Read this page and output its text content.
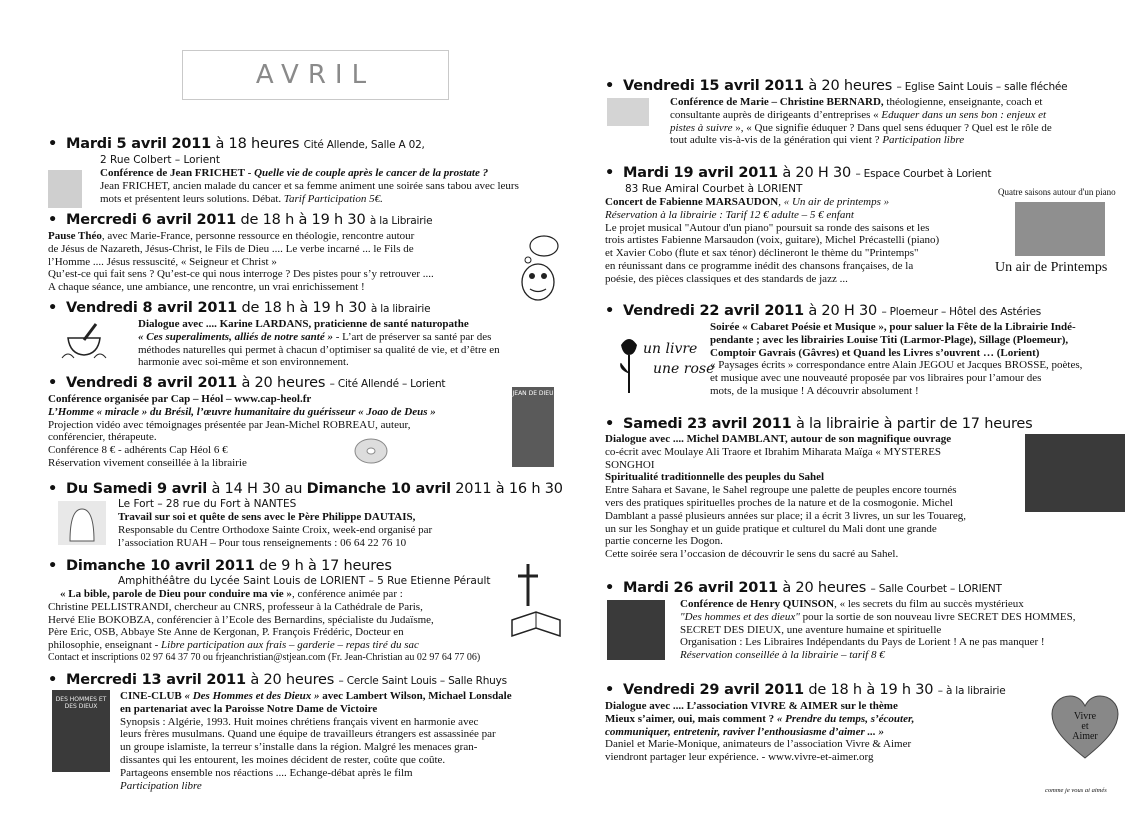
AVRIL
• Mardi 5 avril 2011 à 18 heures Cité Allende, Salle A 02,
2 Rue Colbert – Lorient

Conférence de Jean FRICHET - Quelle vie de couple après le cancer de la prostate ?

Jean FRICHET, ancien malade du cancer et sa femme animent une soirée sans tabou avec leurs

mots et présentent leurs solutions. Débat. Tarif Participation 5€.

• Mercredi 6 avril 2011 de 18 h à 19 h 30 à la Librairie

Pause Théo, avec Marie-France, personne ressource en théologie, rencontre autour

de Jésus de Nazareth, Jésus-Christ, le Fils de Dieu .... Le verbe incarné ... le Fils de

l’Homme .... Jésus ressuscité, « Seigneur et Christ »

Qu’est-ce qui fait sens ? Qu’est-ce qui nous interroge ? Des pistes pour s’y retrouver ....

A chaque séance, une ambiance, une rencontre, un vrai enrichissement !

• Vendredi 8 avril 2011 de 18 h à 19 h 30 à la librairie

Dialogue avec .... Karine LARDANS, praticienne de santé naturopathe

« Ces superaliments, alliés de notre santé » - L’art de préserver sa santé par des

méthodes naturelles qui permet à chacun d’optimiser sa qualité de vie, et d’être en

harmonie avec soi-même et son environnement.

• Vendredi 8 avril 2011 à 20 heures – Cité Allendé – Lorient

Conférence organisée par Cap – Héol – www.cap-heol.fr

L’Homme « miracle » du Brésil, l’œuvre humanitaire du guérisseur « Joao de Deus »

Projection vidéo avec témoignages présentée par Jean-Michel ROBREAU, auteur,

conférencier, thérapeute.

Conférence 8 € - adhérents Cap Héol 6 €

Réservation vivement conseillée à la librairie

JEAN DE DIEU
• Du Samedi 9 avril à 14 H 30 au Dimanche 10 avril 2011 à 16 h 30
Le Fort – 28 rue du Fort à NANTES

Travail sur soi et quête de sens avec le Père Philippe DAUTAIS,

Responsable du Centre Orthodoxe Sainte Croix, week-end organisé par

l’association RUAH – Pour tous renseignements : 06 64 22 76 10

• Dimanche 10 avril 2011 de 9 h à 17 heures
Amphithéâtre du Lycée Saint Louis de LORIENT – 5 Rue Etienne Pérault

« La bible, parole de Dieu pour conduire ma vie », conférence animée par :

Christine PELLISTRANDI, chercheur au CNRS, professeur à la Cathédrale de Paris,

Hervé Elie BOKOBZA, conférencier à l’Ecole des Bernardins, spécialiste du Judaïsme,

Père Eric, OSB, Abbaye Ste Anne de Kergonan, P. François Frédéric, Docteur en

philosophie, enseignant - Libre participation aux frais – garderie – repas tiré du sac

Contact et inscriptions 02 97 64 37 70 ou frjeanchristian@stjean.com (Fr. Jean-Christian au 02 97 64 77 06)

• Mercredi 13 avril 2011 à 20 heures – Cercle Saint Louis – Salle Rhuys
DES HOMMES ET DES DIEUX

CINE-CLUB « Des Hommes et des Dieux » avec Lambert Wilson, Michael Lonsdale

en partenariat avec la Paroisse Notre Dame de Victoire

Synopsis : Algérie, 1993. Huit moines chrétiens français vivent en harmonie avec

leurs frères musulmans. Quand une équipe de travailleurs étrangers est assassinée par

un groupe islamiste, la terreur s’installe dans la région. Malgré les menaces gran-

dissantes qui les entourent, les moines décident de rester, coûte que coûte.

Partageons ensemble nos réactions .... Echange-débat après le film

Participation libre

• Vendredi 15 avril 2011 à 20 heures – Eglise Saint Louis – salle fléchée

Conférence de Marie – Christine BERNARD, théologienne, enseignante, coach et

consultante auprès de dirigeants d’entreprises « Eduquer dans un sens bon : enjeux et

pistes à suivre », « Que signifie éduquer ? Dans quel sens éduquer ? Quel est le rôle de

tout adulte vis-à-vis de la génération qui vient ? Participation libre

• Mardi 19 avril 2011 à 20 H 30 – Espace Courbet à Lorient
83 Rue Amiral Courbet à LORIENT

Concert de Fabienne MARSAUDON, « Un air de printemps »

Réservation à la librairie : Tarif 12 € adulte – 5 € enfant

Le projet musical "Autour d'un piano" poursuit sa ronde des saisons et les

trois artistes Fabienne Marsaudon (voix, guitare), Michel Précastelli (piano)

et Xavier Cobo (flute et sax ténor) déclineront le thème du "Printemps"

en réunissant dans ce programme inédit des chansons françaises, de la

poésie, des pièces classiques et des standards de jazz ...

Quatre saisons autour d'un piano
Un air de Printemps
• Vendredi 22 avril 2011 à 20 H 30 – Ploemeur – Hôtel des Astéries
un livre
une rose

Soirée « Cabaret Poésie et Musique », pour saluer la Fête de la Librairie Indé-

pendante ; avec les librairies Louise Titi (Larmor-Plage), Sillage (Ploemeur),

Comptoir Gavrais (Gâvres) et Quand les Livres s’ouvrent … (Lorient)

« Paysages écrits » correspondance entre Alain JEGOU et Jacques BROSSE, poètes,

et musique avec une nouveauté proposée par vos libraires pour l’amour des

mots, de la musique ! A découvrir absolument !

• Samedi 23 avril 2011 à la librairie à partir de 17 heures

Dialogue avec .... Michel DAMBLANT, autour de son magnifique ouvrage

co-écrit avec Moulaye Ali Traore et Ibrahim Miharata Maïga « MYSTERES

SONGHOI

Spiritualité traditionnelle des peuples du Sahel

Entre Sahara et Savane, le Sahel regroupe une palette de peuples encore tournés

vers des pratiques spirituelles proches de la nature et de la cosmogonie. Michel

Damblant a passé plusieurs années sur place; il a écrit 3 livres, un sur les Touareg,

un sur les Songhay et un guide pratique et culturel du Mali dont une grande

partie concerne les Dogon.

Cette soirée sera l’occasion de découvrir le sens du sacré au Sahel.

• Mardi 26 avril 2011 à 20 heures – Salle Courbet – LORIENT

Conférence de Henry QUINSON, « les secrets du film au succès mystérieux

"Des hommes et des dieux" pour la sortie de son nouveau livre SECRET DES HOMMES,

SECRET DES DIEUX, une aventure humaine et spirituelle

Organisation : Les Libraires Indépendants du Pays de Lorient ! A ne pas manquer !

Réservation conseillée à la librairie – tarif 8 €

• Vendredi 29 avril 2011 de 18 h à 19 h 30 – à la librairie

Dialogue avec .... L’association VIVRE & AIMER sur le thème

Mieux s’aimer, oui, mais comment ? « Prendre du temps, s’écouter,

communiquer, entretenir, raviver l’enthousiasme d’aimer ... »

Daniel et Marie-Monique, animateurs de l’association Vivre & Aimer

viendront partager leur expérience. - www.vivre-et-aimer.org

Vivre
et
Aimer
comme je vous ai aimés
